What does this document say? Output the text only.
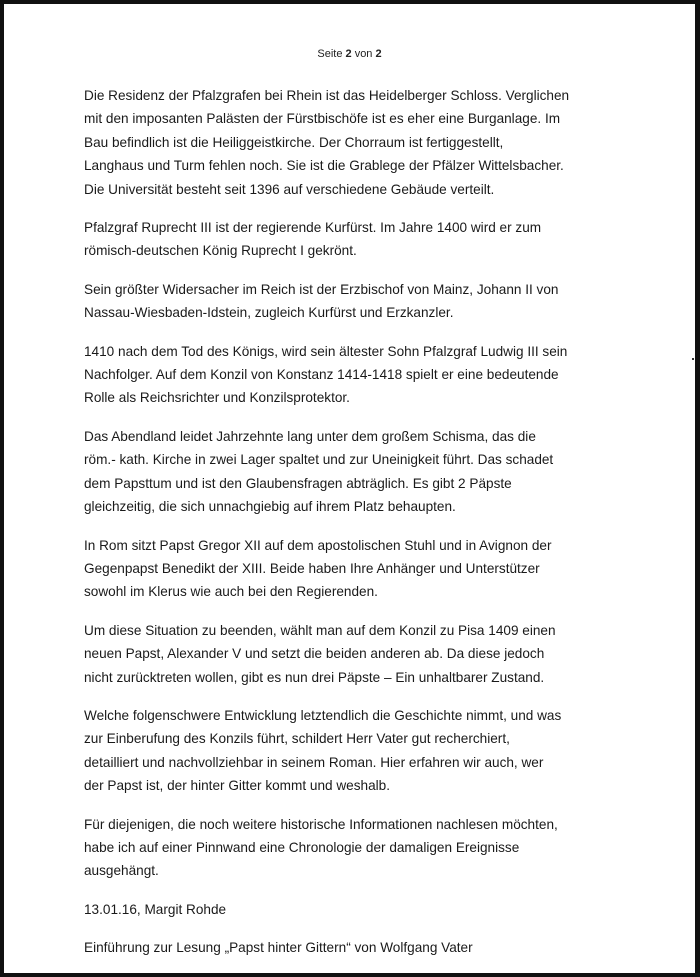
Seite 2 von 2

Die Residenz der Pfalzgrafen bei Rhein ist das Heidelberger Schloss. Verglichen
mit den imposanten Palästen der Fürstbischöfe ist es eher eine Burganlage. Im
Bau befindlich ist die Heiliggeistkirche. Der Chorraum ist fertiggestellt,
Langhaus und Turm fehlen noch. Sie ist die Grablege der Pfälzer Wittelsbacher.
Die Universität besteht seit 1396 auf verschiedene Gebäude verteilt.

Pfalzgraf Ruprecht III ist der regierende Kurfürst. Im Jahre 1400 wird er zum
römisch-deutschen König Ruprecht I gekrönt.

Sein größter Widersacher im Reich ist der Erzbischof von Mainz, Johann II von
Nassau-Wiesbaden-Idstein, zugleich Kurfürst und Erzkanzler.

1410 nach dem Tod des Königs, wird sein ältester Sohn Pfalzgraf Ludwig III sein
Nachfolger. Auf dem Konzil von Konstanz 1414-1418 spielt er eine bedeutende
Rolle als Reichsrichter und Konzilsprotektor.

Das Abendland leidet Jahrzehnte lang unter dem großem Schisma, das die
röm.- kath. Kirche in zwei Lager spaltet und zur Uneinigkeit führt. Das schadet
dem Papsttum und ist den Glaubensfragen abträglich. Es gibt 2 Päpste
gleichzeitig, die sich unnachgiebig auf ihrem Platz behaupten.

In Rom sitzt Papst Gregor XII auf dem apostolischen Stuhl und in Avignon der
Gegenpapst Benedikt der XIII. Beide haben Ihre Anhänger und Unterstützer
sowohl im Klerus wie auch bei den Regierenden.

Um diese Situation zu beenden, wählt man auf dem Konzil zu Pisa 1409 einen
neuen Papst, Alexander V und setzt die beiden anderen ab. Da diese jedoch
nicht zurücktreten wollen, gibt es nun drei Päpste – Ein unhaltbarer Zustand.

Welche folgenschwere Entwicklung letztendlich die Geschichte nimmt, und was
zur Einberufung des Konzils führt, schildert Herr Vater gut recherchiert,
detailliert und nachvollziehbar in seinem Roman. Hier erfahren wir auch, wer
der Papst ist, der hinter Gitter kommt und weshalb.

Für diejenigen, die noch weitere historische Informationen nachlesen möchten,
habe ich auf einer Pinnwand eine Chronologie der damaligen Ereignisse
ausgehängt.

13.01.16, Margit Rohde

Einführung zur Lesung „Papst hinter Gittern“ von Wolfgang Vater
